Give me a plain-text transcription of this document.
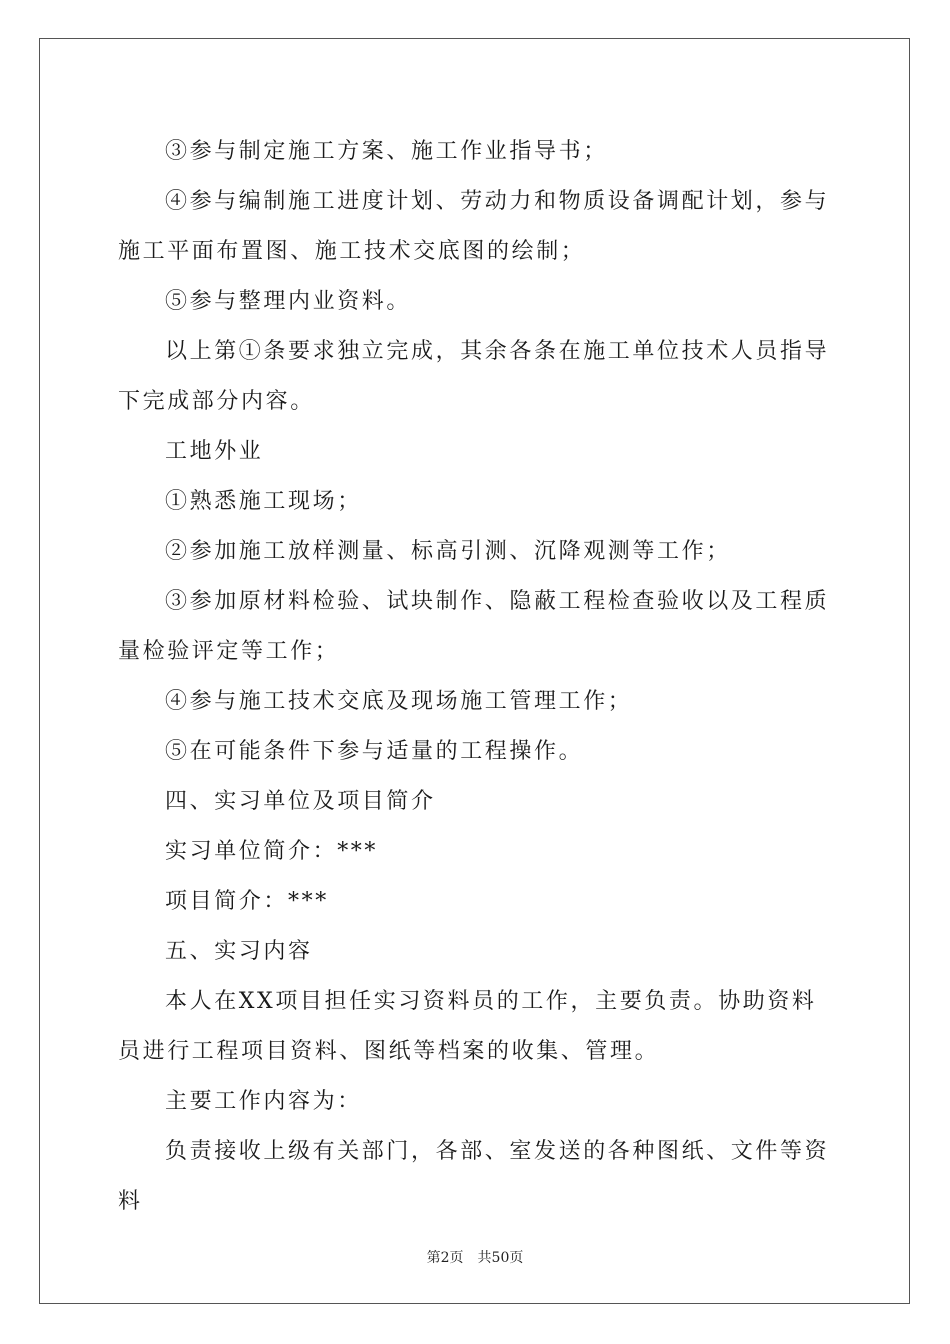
③参与制定施工方案、施工作业指导书；

④参与编制施工进度计划、劳动力和物质设备调配计划，参与施工平面布置图、施工技术交底图的绘制；

⑤参与整理内业资料。

以上第①条要求独立完成，其余各条在施工单位技术人员指导下完成部分内容。

工地外业

①熟悉施工现场；

②参加施工放样测量、标高引测、沉降观测等工作；

③参加原材料检验、试块制作、隐蔽工程检查验收以及工程质量检验评定等工作；

④参与施工技术交底及现场施工管理工作；

⑤在可能条件下参与适量的工程操作。

四、实习单位及项目简介

实习单位简介：***

项目简介：***

五、实习内容

本人在XX项目担任实习资料员的工作，主要负责。协助资料员进行工程项目资料、图纸等档案的收集、管理。

主要工作内容为：

负责接收上级有关部门，各部、室发送的各种图纸、文件等资料

第2页 共50页
